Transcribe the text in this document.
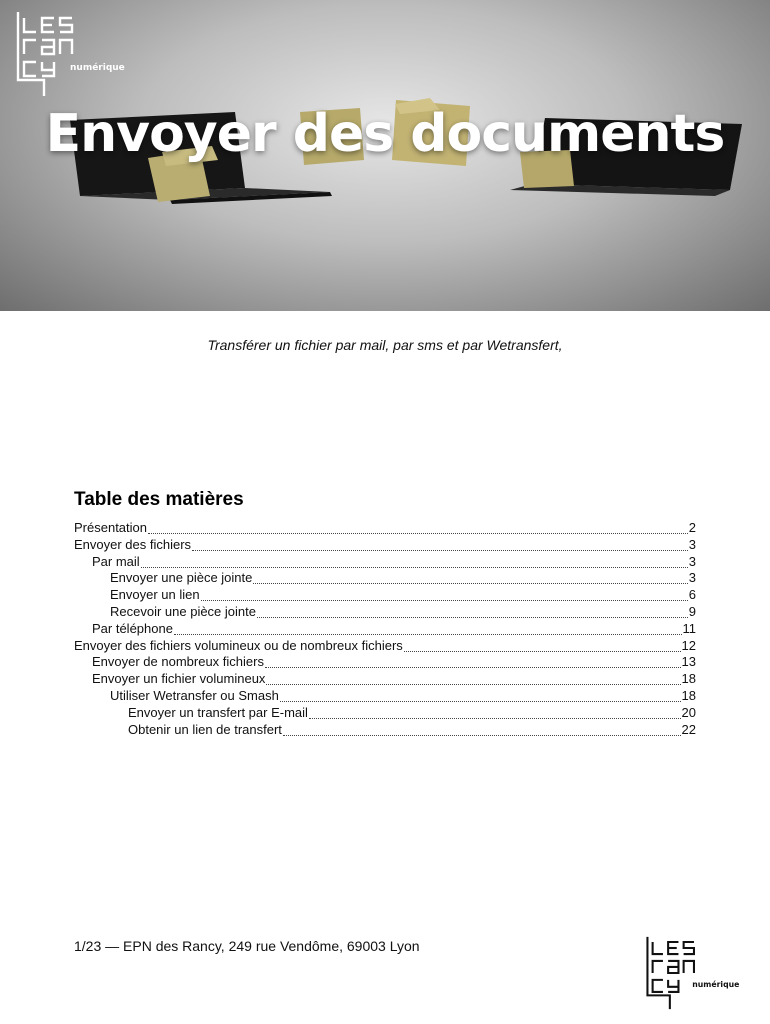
numérique
Envoyer des documents
Transférer un fichier par mail, par sms et par Wetransfert,
Table des matières
Présentation	2
Envoyer des fichiers	3
Par mail	3
Envoyer une pièce jointe	3
Envoyer un lien	6
Recevoir une pièce jointe	9
Par téléphone	11
Envoyer des fichiers volumineux ou de nombreux fichiers	12
Envoyer de nombreux fichiers	13
Envoyer un fichier volumineux	18
Utiliser Wetransfer ou Smash	18
Envoyer un transfert par E-mail	20
Obtenir un lien de transfert	22
1/23 — EPN des Rancy, 249 rue Vendôme, 69003 Lyon
numérique
